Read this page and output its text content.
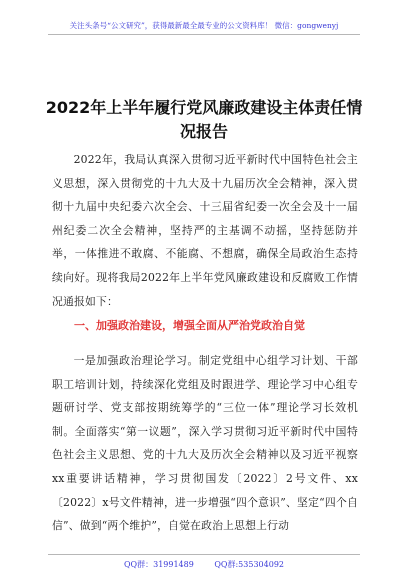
关注头条号“公文研究”，获得最新最全最专业的公文资料库！ 微信：gongwenyj
2022年上半年履行党风廉政建设主体责任情况报告
2022年，我局认真深入贯彻习近平新时代中国特色社会主义思想，深入贯彻党的十九大及十九届历次全会精神，深入贯彻十九届中央纪委六次全会、十三届省纪委一次全会及十一届州纪委二次全会精神，坚持严的主基调不动摇，坚持惩防并举，一体推进不敢腐、不能腐、不想腐，确保全局政治生态持续向好。现将我局2022年上半年党风廉政建设和反腐败工作情况通报如下：
一、加强政治建设，增强全面从严治党政治自觉
一是加强政治理论学习。制定党组中心组学习计划、干部职工培训计划，持续深化党组及时跟进学、理论学习中心组专题研讨学、党支部按期统筹学的“三位一体”理论学习长效机制。全面落实“第一议题”，深入学习贯彻习近平新时代中国特色社会主义思想、党的十九大及历次全会精神以及习近平视察xx重要讲话精神，学习贯彻国发〔2022〕2号文件、xx〔2022〕x号文件精神，进一步增强“四个意识”、坚定“四个自信”、做到“两个维护”，自觉在政治上思想上行动
QQ群：31991489	QQ群:535304092
